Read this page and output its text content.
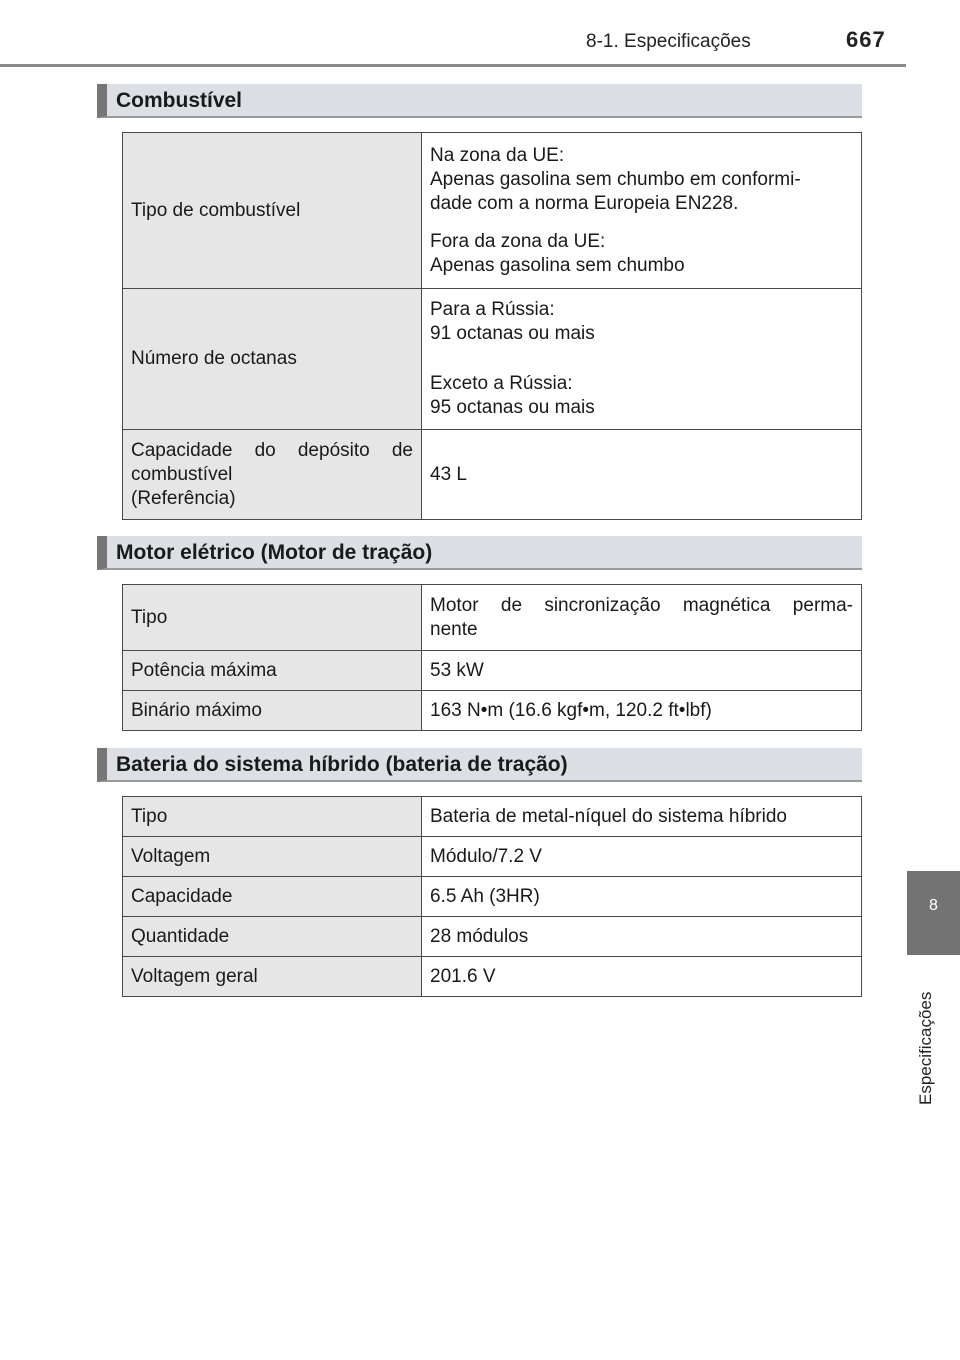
8-1. Especificações	667
8
Especificações
Combustível
Tipo de combustível	Na zona da UE:
Apenas gasolina sem chumbo em conformi-
dade com a norma Europeia EN228.
Fora da zona da UE:
Apenas gasolina sem chumbo

Número de octanas	Para a Rússia:
91 octanas ou mais
Exceto a Rússia:
95 octanas ou mais

Capacidade do depósito de
combustível
(Referência)	43 L
Motor elétrico (Motor de tração)
Tipo	Motor de sincronização magnética perma-
nente

Potência máxima	53 kW
Binário máximo	163 N•m (16.6 kgf•m, 120.2 ft•lbf)
Bateria do sistema híbrido (bateria de tração)
Tipo	Bateria de metal-níquel do sistema híbrido
Voltagem	Módulo/7.2 V
Capacidade	6.5 Ah (3HR)
Quantidade	28 módulos
Voltagem geral	201.6 V
